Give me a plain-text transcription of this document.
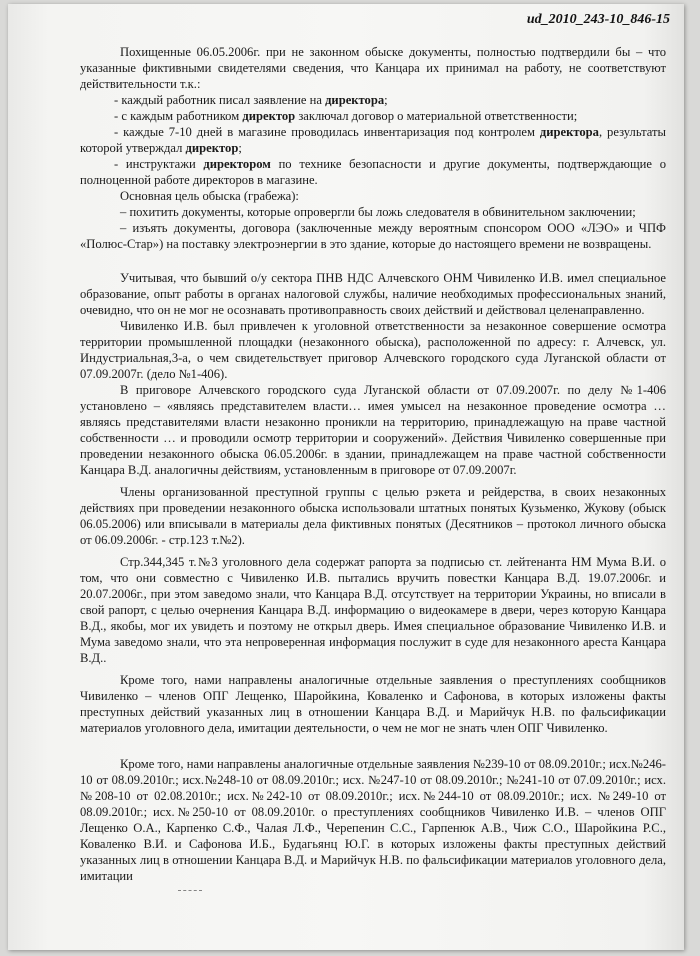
ud_2010_243-10_846-15

Похищенные 06.05.2006г. при не законном обыске документы, полностью подтвердили бы – что указанные фиктивными свидетелями сведения, что Канцара их принимал на работу, не соответствуют действительности т.к.:

- каждый работник писал заявление на директора;

- с каждым работником директор заключал договор о материальной ответственности;

- каждые 7-10 дней в магазине проводилась инвентаризация под контролем директора, результаты которой утверждал директор;

- инструктажи директором по технике безопасности и другие документы, подтверждающие о полноценной работе директоров в магазине.

Основная цель обыска (грабежа):

– похитить документы, которые опровергли бы ложь следователя в обвинительном заключении;

– изъять документы, договора (заключенные между вероятным спонсором ООО «ЛЭО» и ЧПФ «Полюс-Стар») на поставку электроэнергии в это здание, которые до настоящего времени не возвращены.

Учитывая, что бывший о/у сектора ПНВ НДС Алчевского ОНМ Чивиленко И.В. имел специальное образование, опыт работы в органах налоговой службы, наличие необходимых профессиональных знаний, очевидно, что он не мог не осознавать противоправность своих действий и действовал целенаправленно.

Чивиленко И.В. был привлечен к уголовной ответственности за незаконное совершение осмотра территории промышленной площадки (незаконного обыска), расположенной по адресу: г. Алчевск, ул. Индустриальная,3-а, о чем свидетельствует приговор Алчевского городского суда Луганской области от 07.09.2007г. (дело №1-406).

В приговоре Алчевского городского суда Луганской области от 07.09.2007г. по делу №1-406 установлено – «являясь представителем власти… имея умысел на незаконное проведение осмотра … являясь представителями власти незаконно проникли на территорию, принадлежащую на праве частной собственности … и проводили осмотр территории и сооружений». Действия Чивиленко совершенные при проведении незаконного обыска 06.05.2006г. в здании, принадлежащем на праве частной собственности Канцара В.Д. аналогичны действиям, установленным в приговоре от 07.09.2007г.

Члены организованной преступной группы с целью рэкета и рейдерства, в своих незаконных действиях при проведении незаконного обыска использовали штатных понятых Кузьменко, Жукову (обыск 06.05.2006) или вписывали в материалы дела фиктивных понятых (Десятников – протокол личного обыска от 06.09.2006г. - стр.123 т.№2).

Стр.344,345 т.№3 уголовного дела содержат рапорта за подписью ст. лейтенанта НМ Мума В.И. о том, что они совместно с Чивиленко И.В. пытались вручить повестки Канцара В.Д. 19.07.2006г. и 20.07.2006г., при этом заведомо знали, что Канцара В.Д. отсутствует на территории Украины, но вписали в свой рапорт, с целью очернения Канцара В.Д. информацию о видеокамере в двери, через которую Канцара В.Д., якобы, мог их увидеть и поэтому не открыл дверь. Имея специальное образование Чивиленко И.В. и Мума заведомо знали, что эта непроверенная информация послужит в суде для незаконного ареста Канцара В.Д..

Кроме того, нами направлены аналогичные отдельные заявления о преступлениях сообщников Чивиленко – членов ОПГ Лещенко, Шаройкина, Коваленко и Сафонова, в которых изложены факты преступных действий указанных лиц в отношении Канцара В.Д. и Марийчук Н.В. по фальсификации материалов уголовного дела, имитации деятельности, о чем не мог не знать член ОПГ Чивиленко.

Кроме того, нами направлены аналогичные отдельные заявления №239-10 от 08.09.2010г.; исх.№246-10 от 08.09.2010г.; исх.№248-10 от 08.09.2010г.; исх. №247-10 от 08.09.2010г.; №241-10 от 07.09.2010г.; исх.№208-10 от 02.08.2010г.; исх.№242-10 от 08.09.2010г.; исх.№244-10 от 08.09.2010г.; исх. №249-10 от 08.09.2010г.; исх.№250-10 от 08.09.2010г. о преступлениях сообщников Чивиленко И.В. – членов ОПГ Лещенко О.А., Карпенко С.Ф., Чалая Л.Ф., Черепенин С.С., Гарпенюк А.В., Чиж С.О., Шаройкина Р.С., Коваленко В.И. и Сафонова И.Б., Будагьянц Ю.Г. в которых изложены факты преступных действий указанных лиц в отношении Канцара В.Д. и Марийчук Н.В. по фальсификации материалов уголовного дела, имитации
